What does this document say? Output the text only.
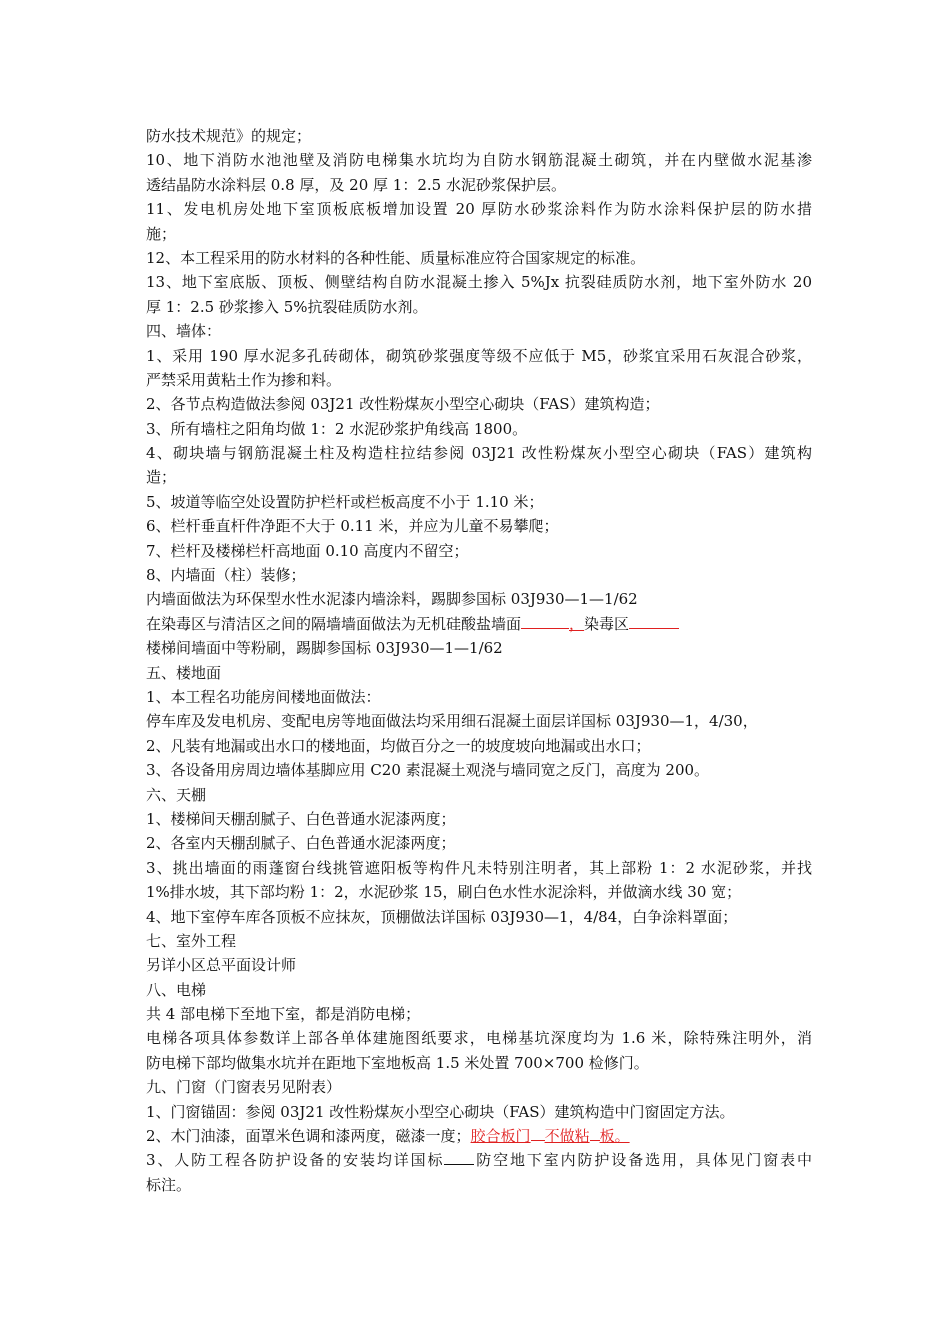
防水技术规范》的规定；
10、地下消防水池池壁及消防电梯集水坑均为自防水钢筋混凝土砌筑，并在内壁做水泥基渗
透结晶防水涂料层 0.8 厚，及 20 厚 1：2.5 水泥砂浆保护层。
11、发电机房处地下室顶板底板增加设置 20 厚防水砂浆涂料作为防水涂料保护层的防水措
施；
12、本工程采用的防水材料的各种性能、质量标准应符合国家规定的标准。
13、地下室底版、顶板、侧壁结构自防水混凝土掺入 5%Jx 抗裂硅质防水剂，地下室外防水 20
厚 1：2.5 砂浆掺入 5%抗裂硅质防水剂。
四、墙体：
1、采用 190 厚水泥多孔砖砌体，砌筑砂浆强度等级不应低于 M5，砂浆宜采用石灰混合砂浆，
严禁采用黄粘土作为掺和料。
2、各节点构造做法参阅 03J21 改性粉煤灰小型空心砌块（FAS）建筑构造；
3、所有墙柱之阳角均做 1：2 水泥砂浆护角线高 1800。
4、砌块墙与钢筋混凝土柱及构造柱拉结参阅 03J21 改性粉煤灰小型空心砌块（FAS）建筑构
造；
5、坡道等临空处设置防护栏杆或栏板高度不小于 1.10 米；
6、栏杆垂直杆件净距不大于 0.11 米，并应为儿童不易攀爬；
7、栏杆及楼梯栏杆高地面 0.10 高度内不留空；
8、内墙面（柱）装修；
内墙面做法为环保型水性水泥漆内墙涂料，踢脚参国标 03J930—1—1/62
在染毒区与清洁区之间的隔墙墙面做法为无机硅酸盐墙面	，染毒区
楼梯间墙面中等粉刷，踢脚参国标 03J930—1—1/62
五、楼地面
1、本工程名功能房间楼地面做法：
停车库及发电机房、变配电房等地面做法均采用细石混凝土面层详国标 03J930—1，4/30，
2、凡装有地漏或出水口的楼地面，均做百分之一的坡度坡向地漏或出水口；
3、各设备用房周边墙体基脚应用 C20 素混凝土观浇与墙同宽之反门，高度为 200。
六、天棚
1、楼梯间天棚刮腻子、白色普通水泥漆两度；
2、各室内天棚刮腻子、白色普通水泥漆两度；
3、挑出墙面的雨蓬窗台线挑管遮阳板等构件凡未特别注明者，其上部粉 1：2 水泥砂浆，并找
1%排水坡，其下部均粉 1：2，水泥砂浆 15，刷白色水性水泥涂料，并做滴水线 30 宽；
4、地下室停车库各顶板不应抹灰，顶棚做法详国标 03J930—1，4/84，白争涂料罩面；
七、室外工程
另详小区总平面设计师
八、电梯
共 4 部电梯下至地下室，都是消防电梯；
电梯各项具体参数详上部各单体建施图纸要求，电梯基坑深度均为 1.6 米，除特殊注明外，消
防电梯下部均做集水坑并在距地下室地板高 1.5 米处置 700×700 检修门。
九、门窗（门窗表另见附表）
1、门窗锚固：参阅 03J21 改性粉煤灰小型空心砌块（FAS）建筑构造中门窗固定方法。
2、木门油漆，面罩米色调和漆两度，磁漆一度；胶合板门 不做粘 板。
3、人防工程各防护设备的安装均详国标 防空地下室内防护设备选用，具体见门窗表中
标注。
